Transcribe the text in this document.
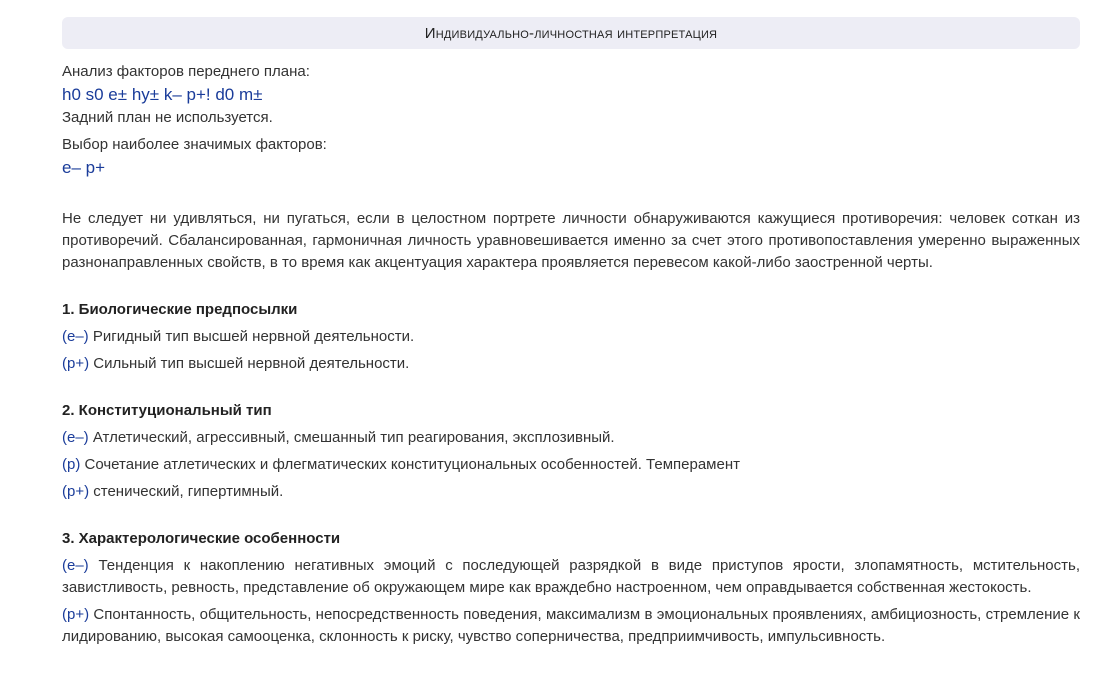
Индивидуально-личностная интерпретация
Анализ факторов переднего плана:
h0 s0 e± hy± k– p+! d0 m±
Задний план не используется.
Выбор наиболее значимых факторов:
e– p+
Не следует ни удивляться, ни пугаться, если в целостном портрете личности обнаруживаются кажущиеся противоречия: человек соткан из противоречий. Сбалансированная, гармоничная личность уравновешивается именно за счет этого противопоставления умеренно выраженных разнонаправленных свойств, в то время как акцентуация характера проявляется перевесом какой-либо заостренной черты.
1. Биологические предпосылки
(e–) Ригидный тип высшей нервной деятельности.
(p+) Сильный тип высшей нервной деятельности.
2. Конституциональный тип
(e–) Атлетический, агрессивный, смешанный тип реагирования, эксплозивный.
(p) Сочетание атлетических и флегматических конституциональных особенностей. Темперамент
(p+) стенический, гипертимный.
3. Характерологические особенности
(e–) Тенденция к накоплению негативных эмоций с последующей разрядкой в виде приступов ярости, злопамятность, мстительность, завистливость, ревность, представление об окружающем мире как враждебно настроенном, чем оправдывается собственная жестокость.
(p+) Спонтанность, общительность, непосредственность поведения, максимализм в эмоциональных проявлениях, амбициозность, стремление к лидированию, высокая самооценка, склонность к риску, чувство соперничества, предприимчивость, импульсивность.
